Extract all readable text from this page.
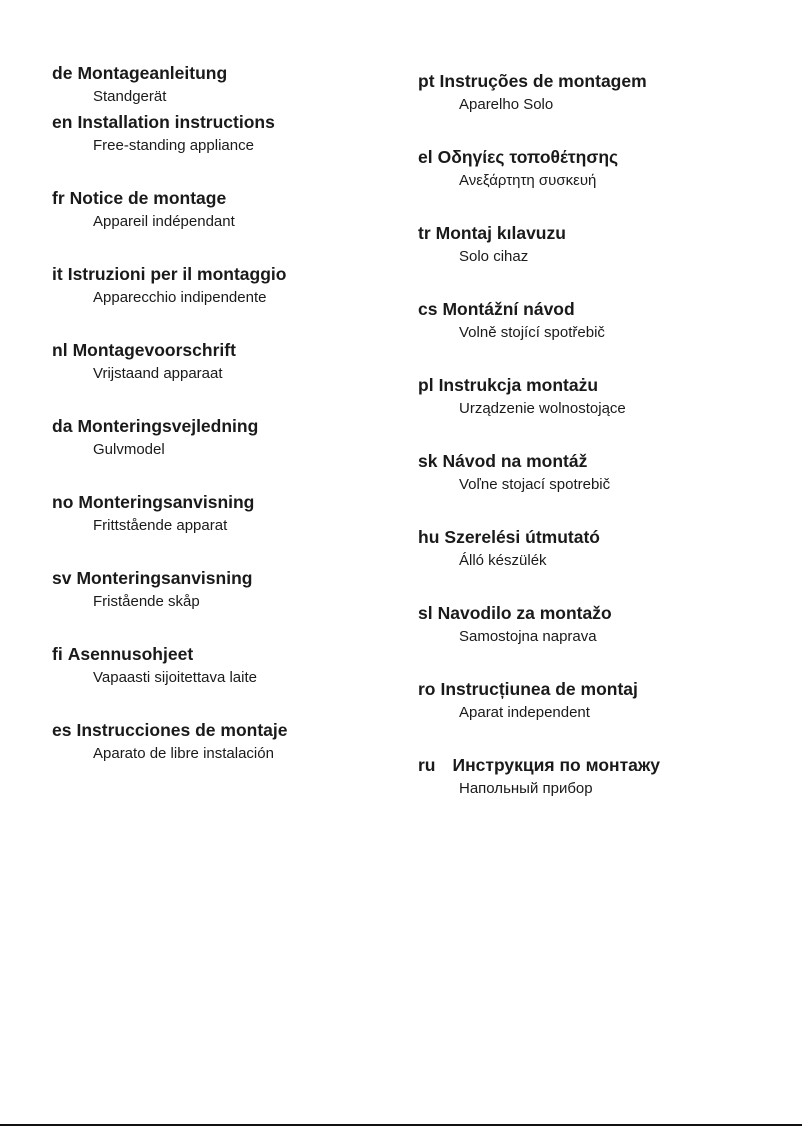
de Montageanleitung
Standgerät
en Installation instructions
Free-standing appliance
fr Notice de montage
Appareil indépendant
it Istruzioni per il montaggio
Apparecchio indipendente
nl Montagevoorschrift
Vrijstaand apparaat
da Monteringsvejledning
Gulvmodel
no Monteringsanvisning
Frittstående apparat
sv Monteringsanvisning
Fristående skåp
fi Asennusohjeet
Vapaasti sijoitettava laite
es Instrucciones de montaje
Aparato de libre instalación
pt Instruções de montagem
Aparelho Solo
el Οδηγίες τοποθέτησης
Ανεξάρτητη συσκευή
tr Montaj kılavuzu
Solo cihaz
cs Montážní návod
Volně stojící spotřebič
pl Instrukcja montażu
Urządzenie wolnostojące
sk Návod na montáž
Voľne stojací spotrebič
hu Szerelési útmutató
Álló készülék
sl Navodilo za montažo
Samostojna naprava
ro Instrucțiunea de montaj
Aparat independent
ru Инструкция по монтажу
Напольный прибор
